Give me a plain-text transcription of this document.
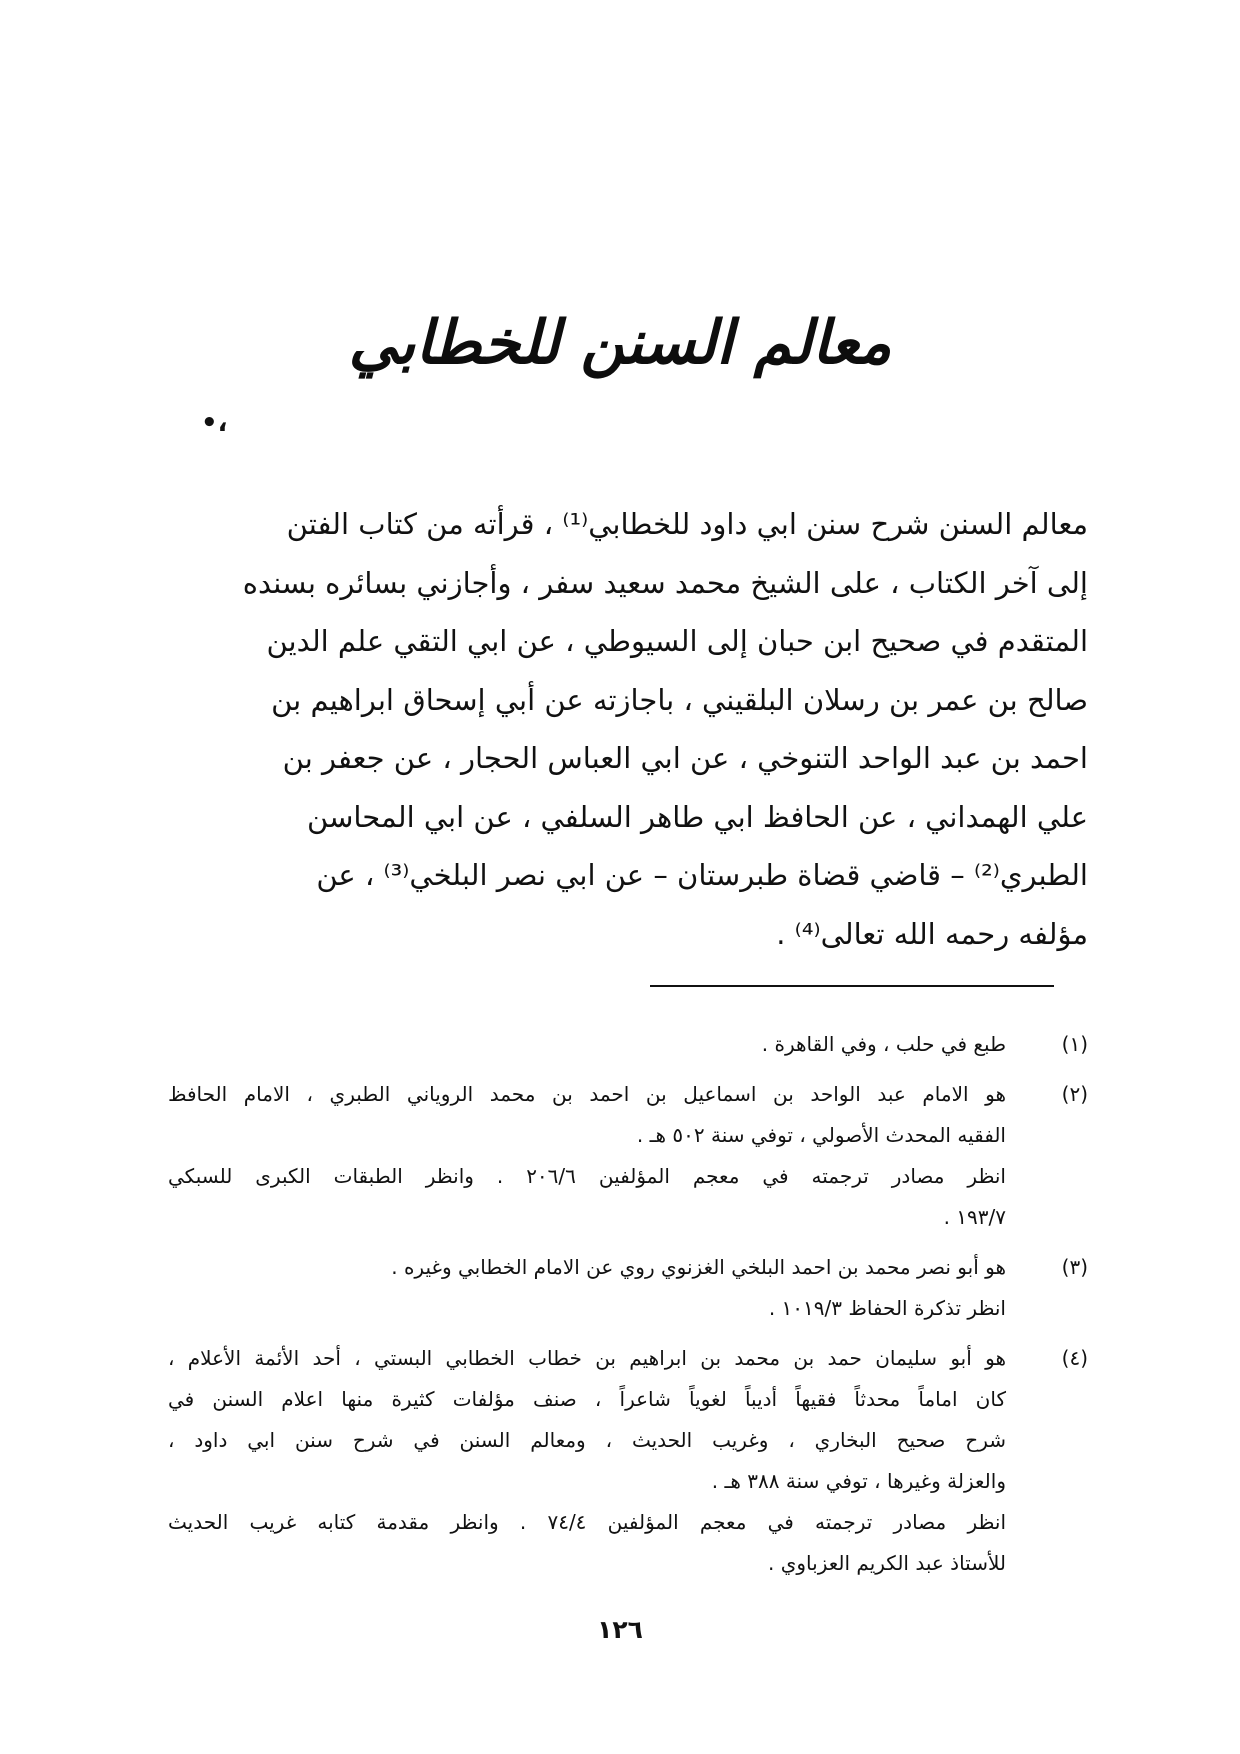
معالم السنن للخطابي
•،

معالم السنن شرح سنن ابي داود للخطابي⁽¹⁾ ، قرأته من كتاب الفتن
إلى آخر الكتاب ، على الشيخ محمد سعيد سفر ، وأجازني بسائره بسنده
المتقدم في صحيح ابن حبان إلى السيوطي ، عن ابي التقي علم الدين
صالح بن عمر بن رسلان البلقيني ، باجازته عن أبي إسحاق ابراهيم بن
احمد بن عبد الواحد التنوخي ، عن ابي العباس الحجار ، عن جعفر بن
علي الهمداني ، عن الحافظ ابي طاهر السلفي ، عن ابي المحاسن
الطبري⁽²⁾ – قاضي قضاة طبرستان – عن ابي نصر البلخي⁽³⁾ ، عن
مؤلفه رحمه الله تعالى⁽⁴⁾ .

(١)
طبع في حلب ، وفي القاهرة .
(٢)
هو الامام عبد الواحد بن اسماعيل بن احمد بن محمد الروياني الطبري ، الامام الحافظ
الفقيه المحدث الأصولي ، توفي سنة ٥٠٢ هـ .
انظر مصادر ترجمته في معجم المؤلفين ٢٠٦/٦ . وانظر الطبقات الكبرى للسبكي
١٩٣/٧ .
(٣)
هو أبو نصر محمد بن احمد البلخي الغزنوي روي عن الامام الخطابي وغيره .
انظر تذكرة الحفاظ ١٠١٩/٣ .
(٤)
هو أبو سليمان حمد بن محمد بن ابراهيم بن خطاب الخطابي البستي ، أحد الأئمة الأعلام ،
كان اماماً محدثاً فقيهاً أديباً لغوياً شاعراً ، صنف مؤلفات كثيرة منها اعلام السنن في
شرح صحيح البخاري ، وغريب الحديث ، ومعالم السنن في شرح سنن ابي داود ،
والعزلة وغيرها ، توفي سنة ٣٨٨ هـ .
انظر مصادر ترجمته في معجم المؤلفين ٧٤/٤ . وانظر مقدمة كتابه غريب الحديث
للأستاذ عبد الكريم العزباوي .
١٢٦
